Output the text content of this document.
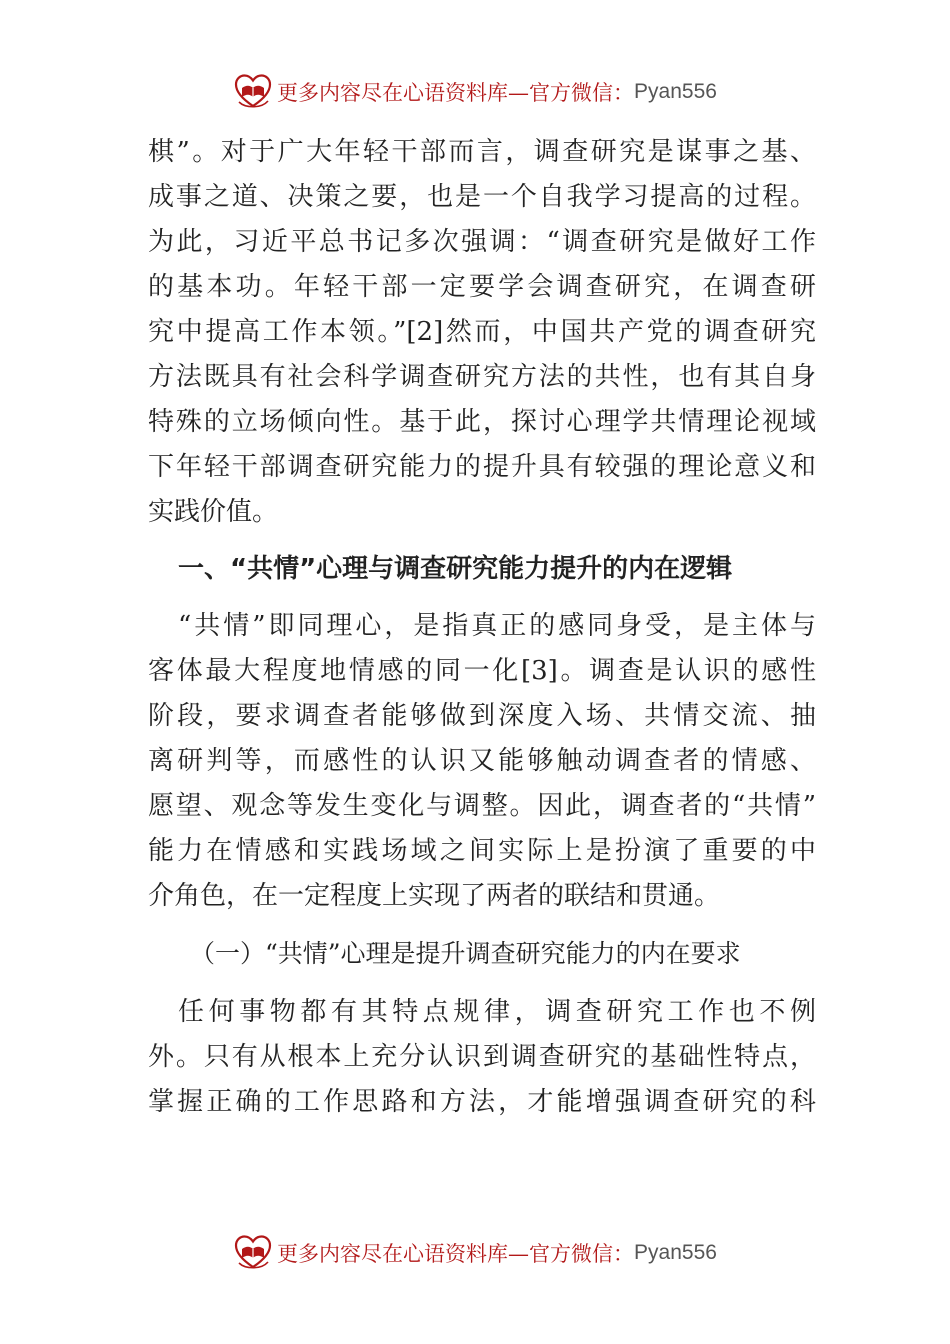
更多内容尽在心语资料库—官方微信： Pyan556
棋”。对于广大年轻干部而言，调查研究是谋事之基、
成事之道、决策之要，也是一个自我学习提高的过程。
为此，习近平总书记多次强调：“调查研究是做好工作
的基本功。年轻干部一定要学会调查研究，在调查研
究中提高工作本领。”[2]然而，中国共产党的调查研究
方法既具有社会科学调查研究方法的共性，也有其自身
特殊的立场倾向性。基于此，探讨心理学共情理论视域
下年轻干部调查研究能力的提升具有较强的理论意义和
实践价值。
一、“共情”心理与调查研究能力提升的内在逻辑
“共情”即同理心，是指真正的感同身受，是主体与
客体最大程度地情感的同一化[3]。调查是认识的感性
阶段，要求调查者能够做到深度入场、共情交流、抽
离研判等，而感性的认识又能够触动调查者的情感、
愿望、观念等发生变化与调整。因此，调查者的“共情”
能力在情感和实践场域之间实际上是扮演了重要的中
介角色，在一定程度上实现了两者的联结和贯通。
（一）“共情”心理是提升调查研究能力的内在要求
任何事物都有其特点规律，调查研究工作也不例
外。只有从根本上充分认识到调查研究的基础性特点，
掌握正确的工作思路和方法，才能增强调查研究的科
更多内容尽在心语资料库—官方微信： Pyan556
